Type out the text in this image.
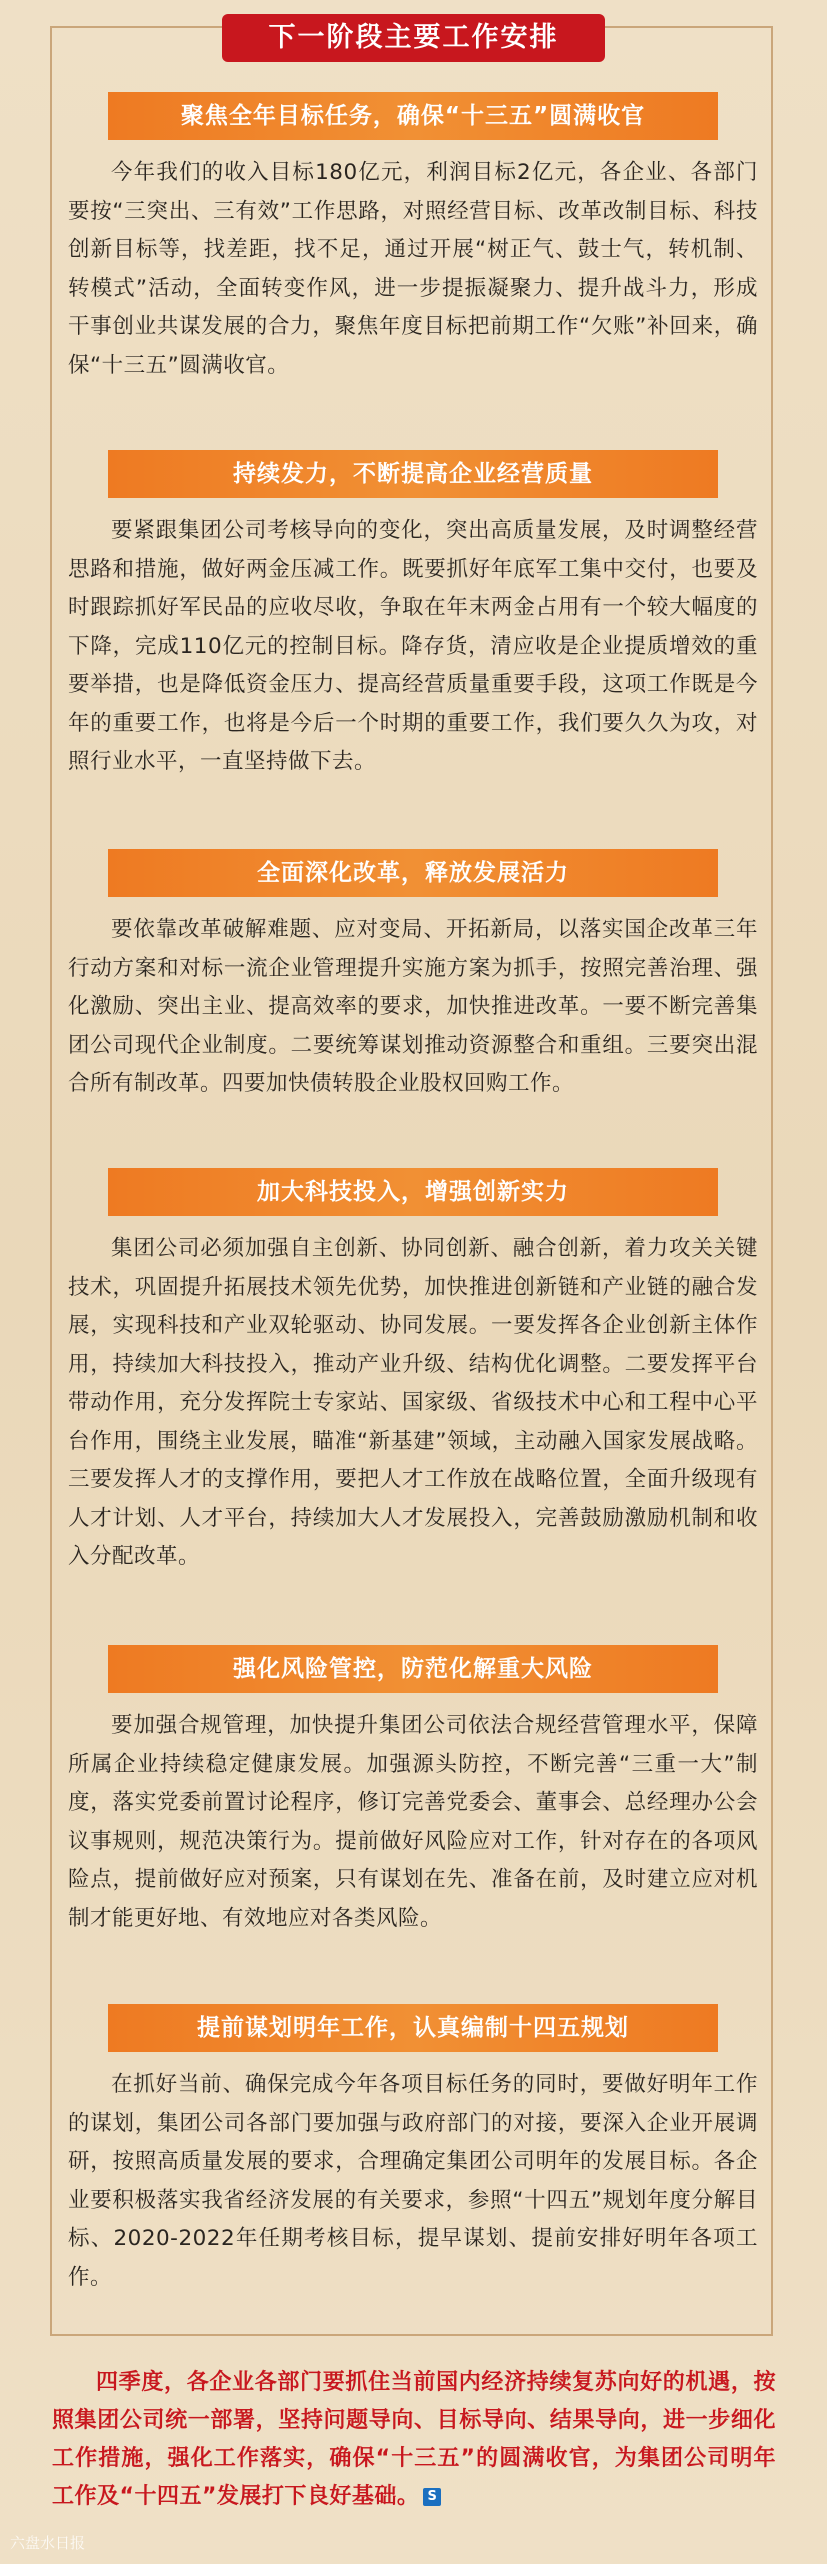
下一阶段主要工作安排
聚焦全年目标任务，确保“十三五”圆满收官
今年我们的收入目标180亿元，利润目标2亿元，各企业、各部门要按“三突出、三有效”工作思路，对照经营目标、改革改制目标、科技创新目标等，找差距，找不足，通过开展“树正气、鼓士气，转机制、转模式”活动，全面转变作风，进一步提振凝聚力、提升战斗力，形成干事创业共谋发展的合力，聚焦年度目标把前期工作“欠账”补回来，确保“十三五”圆满收官。
持续发力，不断提高企业经营质量
要紧跟集团公司考核导向的变化，突出高质量发展，及时调整经营思路和措施，做好两金压减工作。既要抓好年底军工集中交付，也要及时跟踪抓好军民品的应收尽收，争取在年末两金占用有一个较大幅度的下降，完成110亿元的控制目标。降存货，清应收是企业提质增效的重要举措，也是降低资金压力、提高经营质量重要手段，这项工作既是今年的重要工作，也将是今后一个时期的重要工作，我们要久久为攻，对照行业水平，一直坚持做下去。
全面深化改革，释放发展活力
要依靠改革破解难题、应对变局、开拓新局，以落实国企改革三年行动方案和对标一流企业管理提升实施方案为抓手，按照完善治理、强化激励、突出主业、提高效率的要求，加快推进改革。一要不断完善集团公司现代企业制度。二要统筹谋划推动资源整合和重组。三要突出混合所有制改革。四要加快债转股企业股权回购工作。
加大科技投入，增强创新实力
集团公司必须加强自主创新、协同创新、融合创新，着力攻关关键技术，巩固提升拓展技术领先优势，加快推进创新链和产业链的融合发展，实现科技和产业双轮驱动、协同发展。一要发挥各企业创新主体作用，持续加大科技投入，推动产业升级、结构优化调整。二要发挥平台带动作用，充分发挥院士专家站、国家级、省级技术中心和工程中心平台作用，围绕主业发展，瞄准“新基建”领域，主动融入国家发展战略。三要发挥人才的支撑作用，要把人才工作放在战略位置，全面升级现有人才计划、人才平台，持续加大人才发展投入，完善鼓励激励机制和收入分配改革。
强化风险管控，防范化解重大风险
要加强合规管理，加快提升集团公司依法合规经营管理水平，保障所属企业持续稳定健康发展。加强源头防控，不断完善“三重一大”制度，落实党委前置讨论程序，修订完善党委会、董事会、总经理办公会议事规则，规范决策行为。提前做好风险应对工作，针对存在的各项风险点，提前做好应对预案，只有谋划在先、准备在前，及时建立应对机制才能更好地、有效地应对各类风险。
提前谋划明年工作，认真编制十四五规划
在抓好当前、确保完成今年各项目标任务的同时，要做好明年工作的谋划，集团公司各部门要加强与政府部门的对接，要深入企业开展调研，按照高质量发展的要求，合理确定集团公司明年的发展目标。各企业要积极落实我省经济发展的有关要求，参照“十四五”规划年度分解目标、2020-2022年任期考核目标，提早谋划、提前安排好明年各项工作。
四季度，各企业各部门要抓住当前国内经济持续复苏向好的机遇，按照集团公司统一部署，坚持问题导向、目标导向、结果导向，进一步细化工作措施，强化工作落实，确保“十三五”的圆满收官，为集团公司明年工作及“十四五”发展打下良好基础。 S
六盘水日报
